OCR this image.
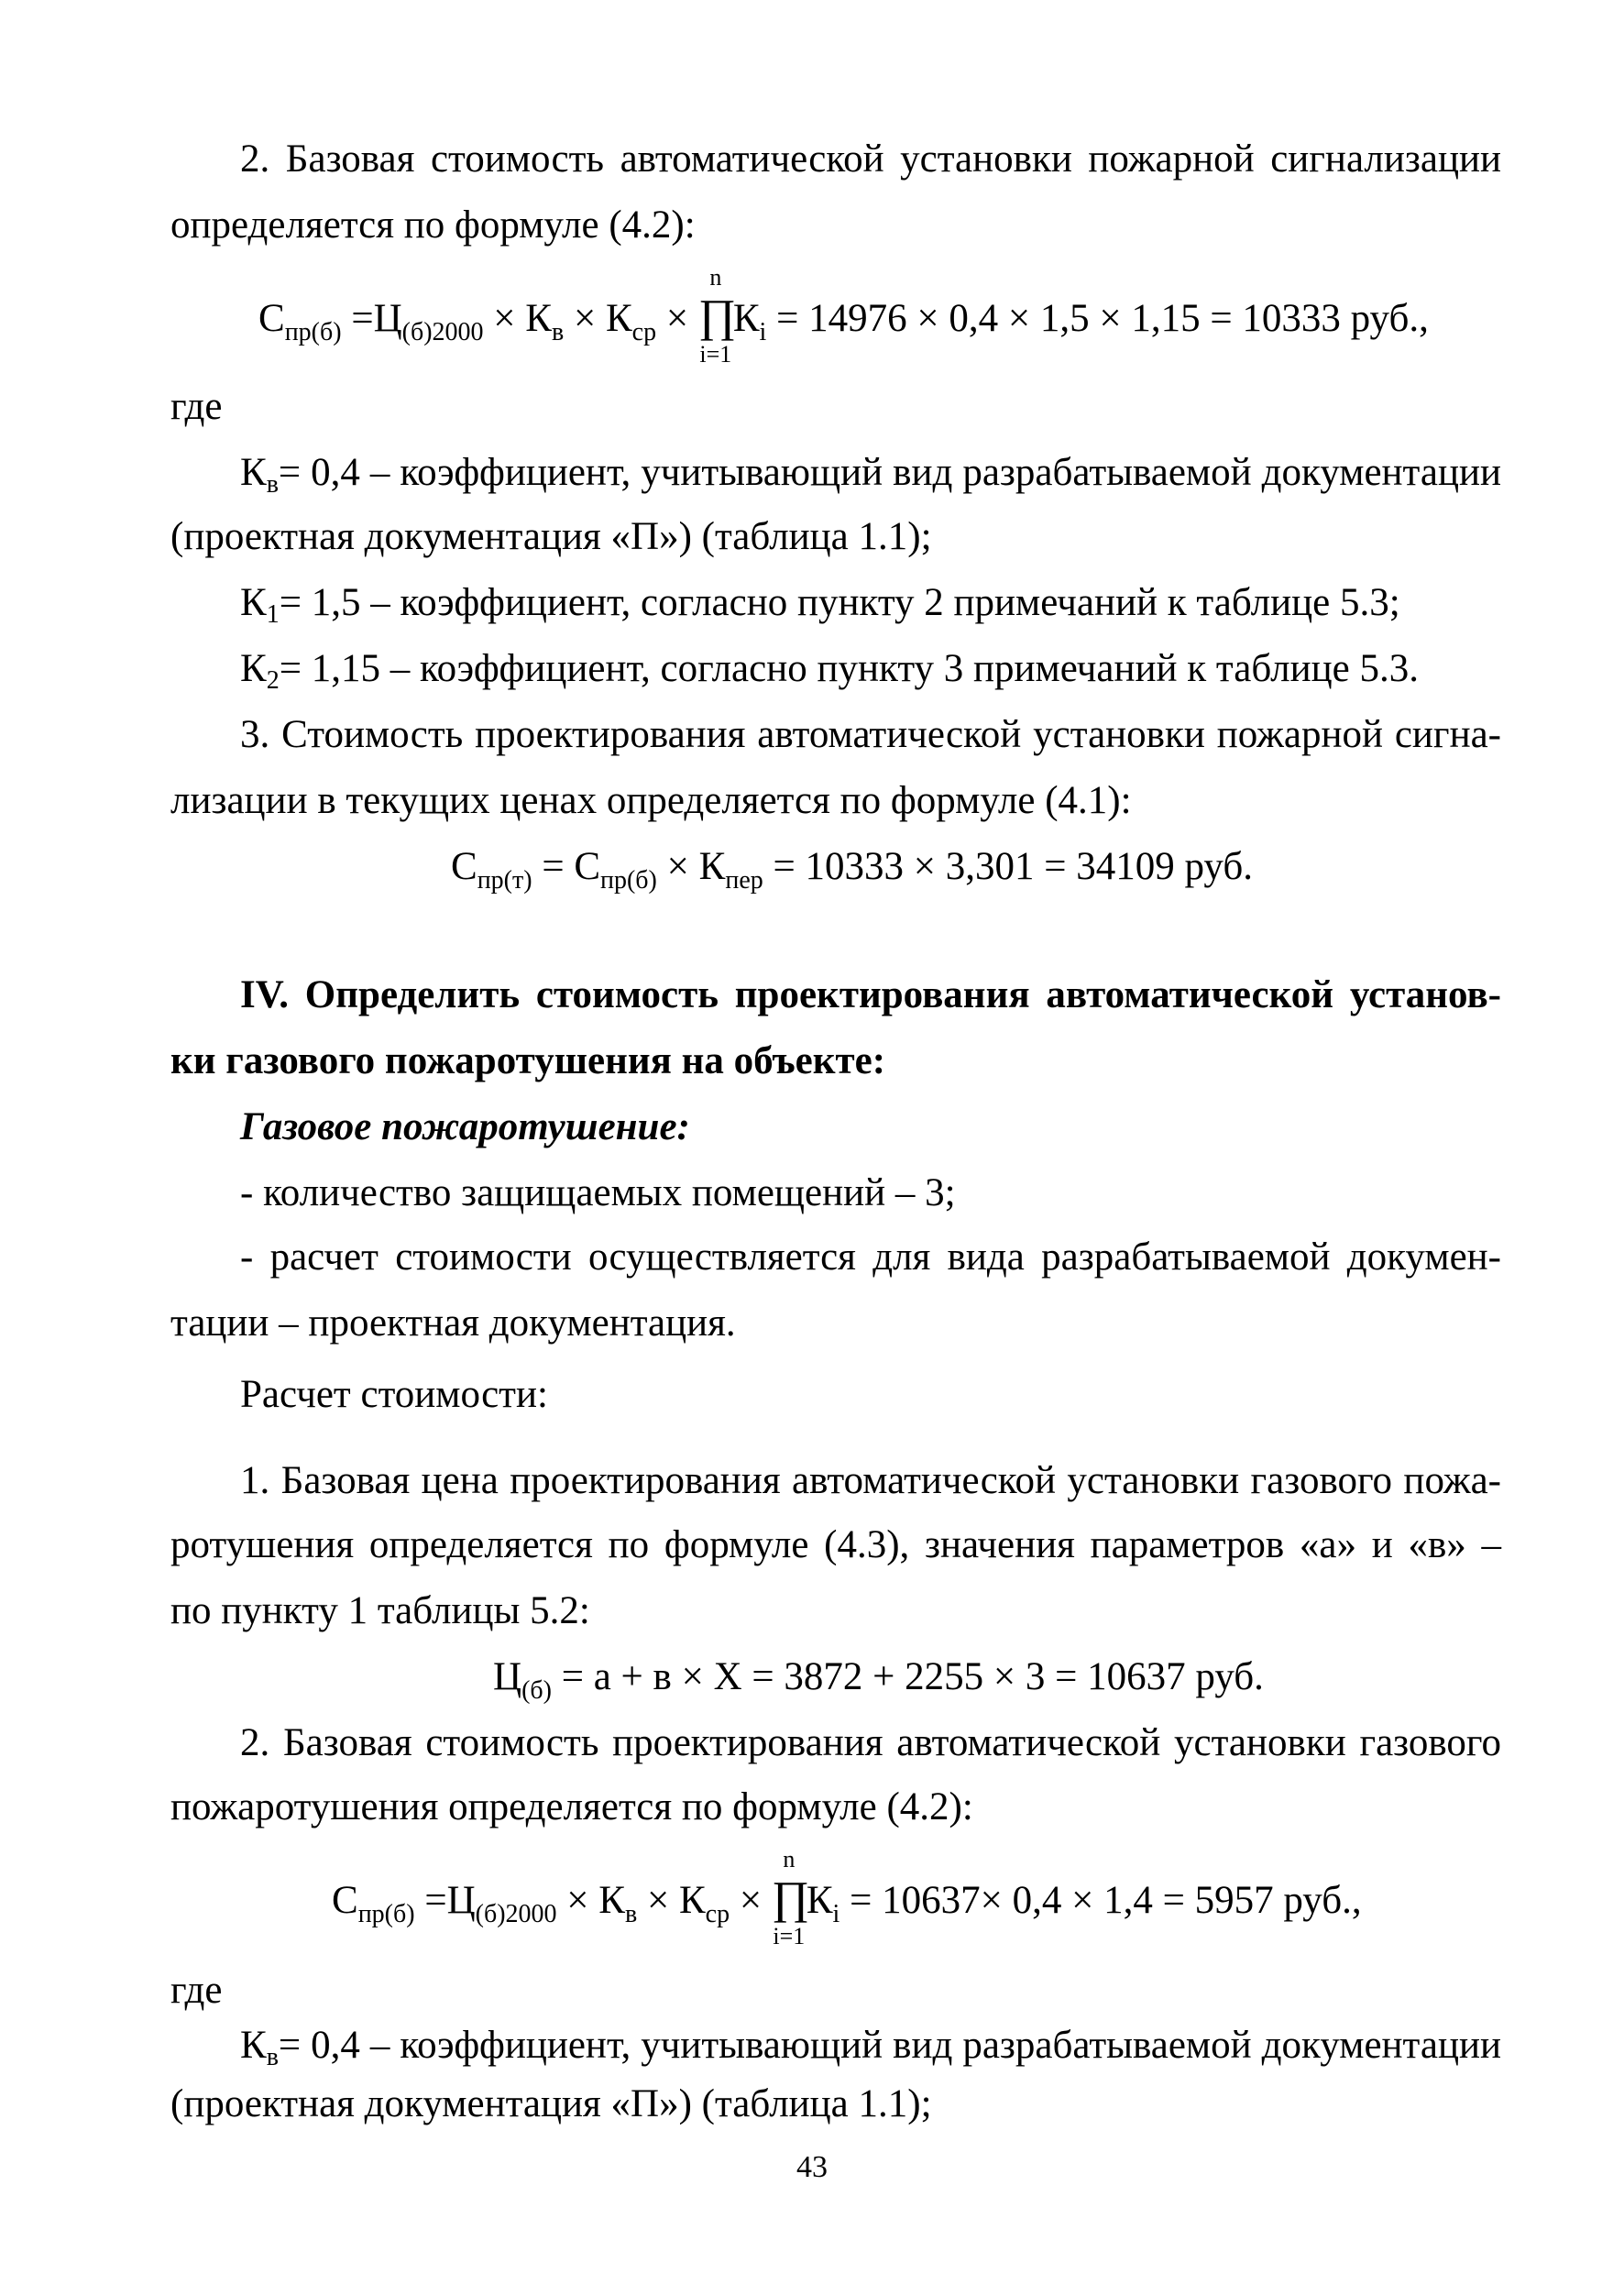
2. Базовая стоимость автоматической установки пожарной сигнализации
определяется по формуле (4.2):
$С_{пр(б)} =Ц_{(б)2000} \times К_в \times К_{ср}$ ×
n
∏
i=1
$К_i = 14976 \times 0,4 \times 1,5 \times 1,15 = 10333$ руб.,
где
$К_в= 0,4$ – коэффициент, учитывающий вид разрабатываемой документации
(проектная документация «П») (таблица 1.1);
$К_1= 1,5$ – коэффициент, согласно пункту 2 примечаний к таблице 5.3;
$К_2= 1,15$ – коэффициент, согласно пункту 3 примечаний к таблице 5.3.
3. Стоимость проектирования автоматической установки пожарной сигна-
лизации в текущих ценах определяется по формуле (4.1):
$С_{пр(т)} = С_{пр(б)} \times К_{пер} = 10333 \times 3,301 = 34109$ руб.
IV. Определить стоимость проектирования автоматической установ-
ки газового пожаротушения на объекте:
Газовое пожаротушение:
- количество защищаемых помещений – 3;
- расчет стоимости осуществляется для вида разрабатываемой докумен-
тации – проектная документация.
Расчет стоимости:
1. Базовая цена проектирования автоматической установки газового пожа-
ротушения определяется по формуле (4.3), значения параметров «а» и «в» –
по пункту 1 таблицы 5.2:
$Ц_{(б)} = а + в \times Х = 3872 + 2255 \times 3 = 10637$ руб.
2. Базовая стоимость проектирования автоматической установки газового
пожаротушения определяется по формуле (4.2):
$С_{пр(б)} =Ц_{(б)2000} \times К_в \times К_{ср}$ ×
n
∏
i=1
$К_i = 10637\times 0,4 \times 1,4 = 5957$ руб.,
где
$К_в= 0,4$ – коэффициент, учитывающий вид разрабатываемой документации
(проектная документация «П») (таблица 1.1);
43
